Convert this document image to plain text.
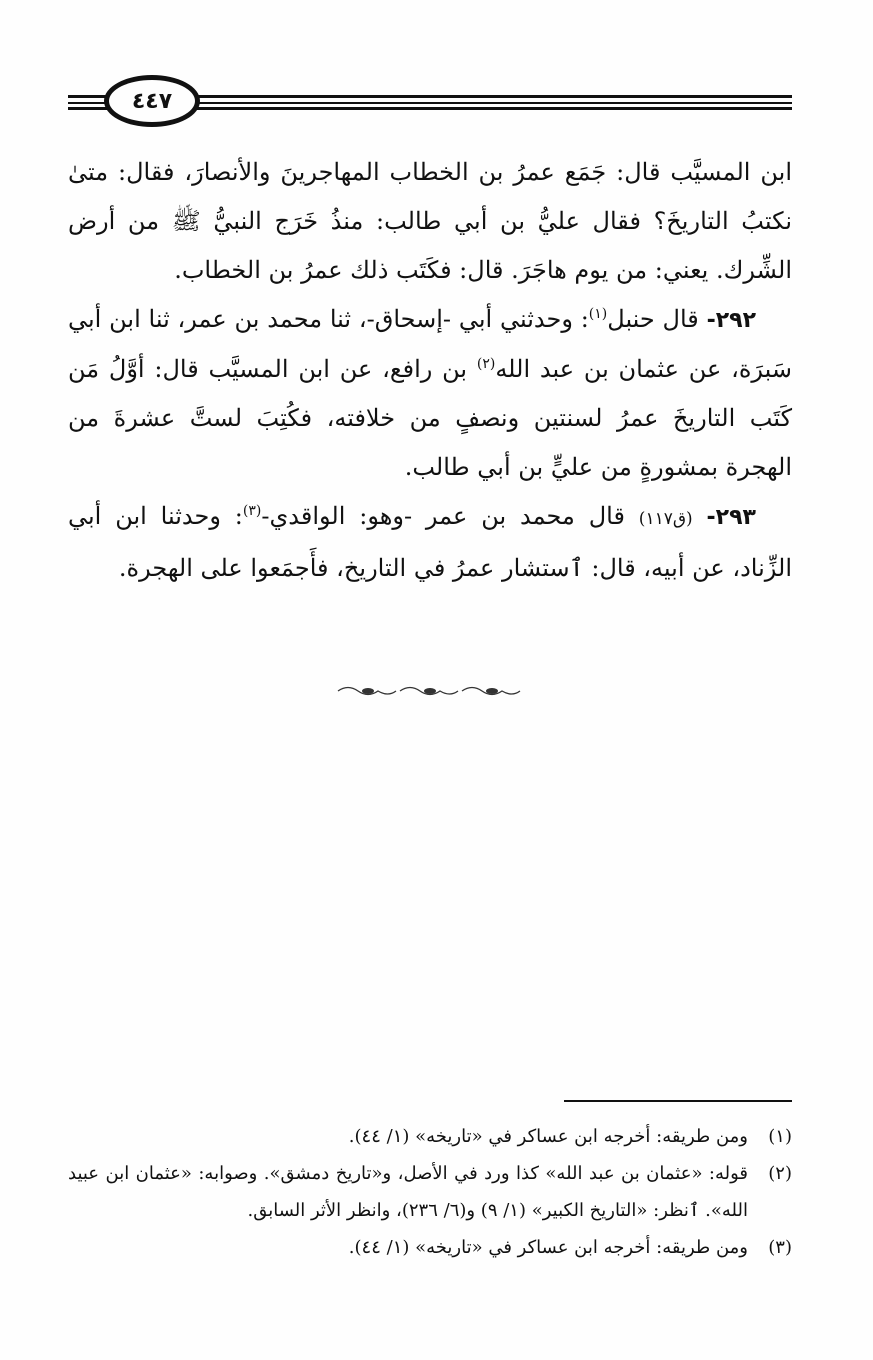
٤٤٧

ابن المسيَّب قال: جَمَع عمرُ بن الخطاب المهاجرينَ والأنصارَ، فقال: متىٰ نكتبُ التاريخَ؟ فقال عليُّ بن أبي طالب: منذُ خَرَج النبيُّ ﷺ من أرض الشِّرك. يعني: من يوم هاجَرَ. قال: فكَتَب ذلك عمرُ بن الخطاب.

٢٩٢- قال حنبل$^{(١)}$: وحدثني أبي -إسحاق-، ثنا محمد بن عمر، ثنا ابن أبي سَبرَة، عن عثمان بن عبد الله$^{(٢)}$ بن رافع، عن ابن المسيَّب قال: أوَّلُ مَن كَتَب التاريخَ عمرُ لسنتين ونصفٍ من خلافته، فكُتِبَ لستَّ عشرةَ من الهجرة بمشورةٍ من عليٍّ بن أبي طالب.

٢٩٣- (ق١١٧) قال محمد بن عمر -وهو: الواقدي-$^{(٣)}$: وحدثنا ابن أبي الزِّناد، عن أبيه، قال: ٱستشار عمرُ في التاريخ، فأَجمَعوا على الهجرة.

(١)ومن طريقه: أخرجه ابن عساكر في «تاريخه» (١/ ٤٤).

(٢)قوله: «عثمان بن عبد الله» كذا ورد في الأصل، و«تاريخ دمشق». وصوابه: «عثمان ابن عبيد الله». ٱنظر: «التاريخ الكبير» (١/ ٩) و(٦/ ٢٣٦)، وانظر الأثر السابق.

(٣)ومن طريقه: أخرجه ابن عساكر في «تاريخه» (١/ ٤٤).
